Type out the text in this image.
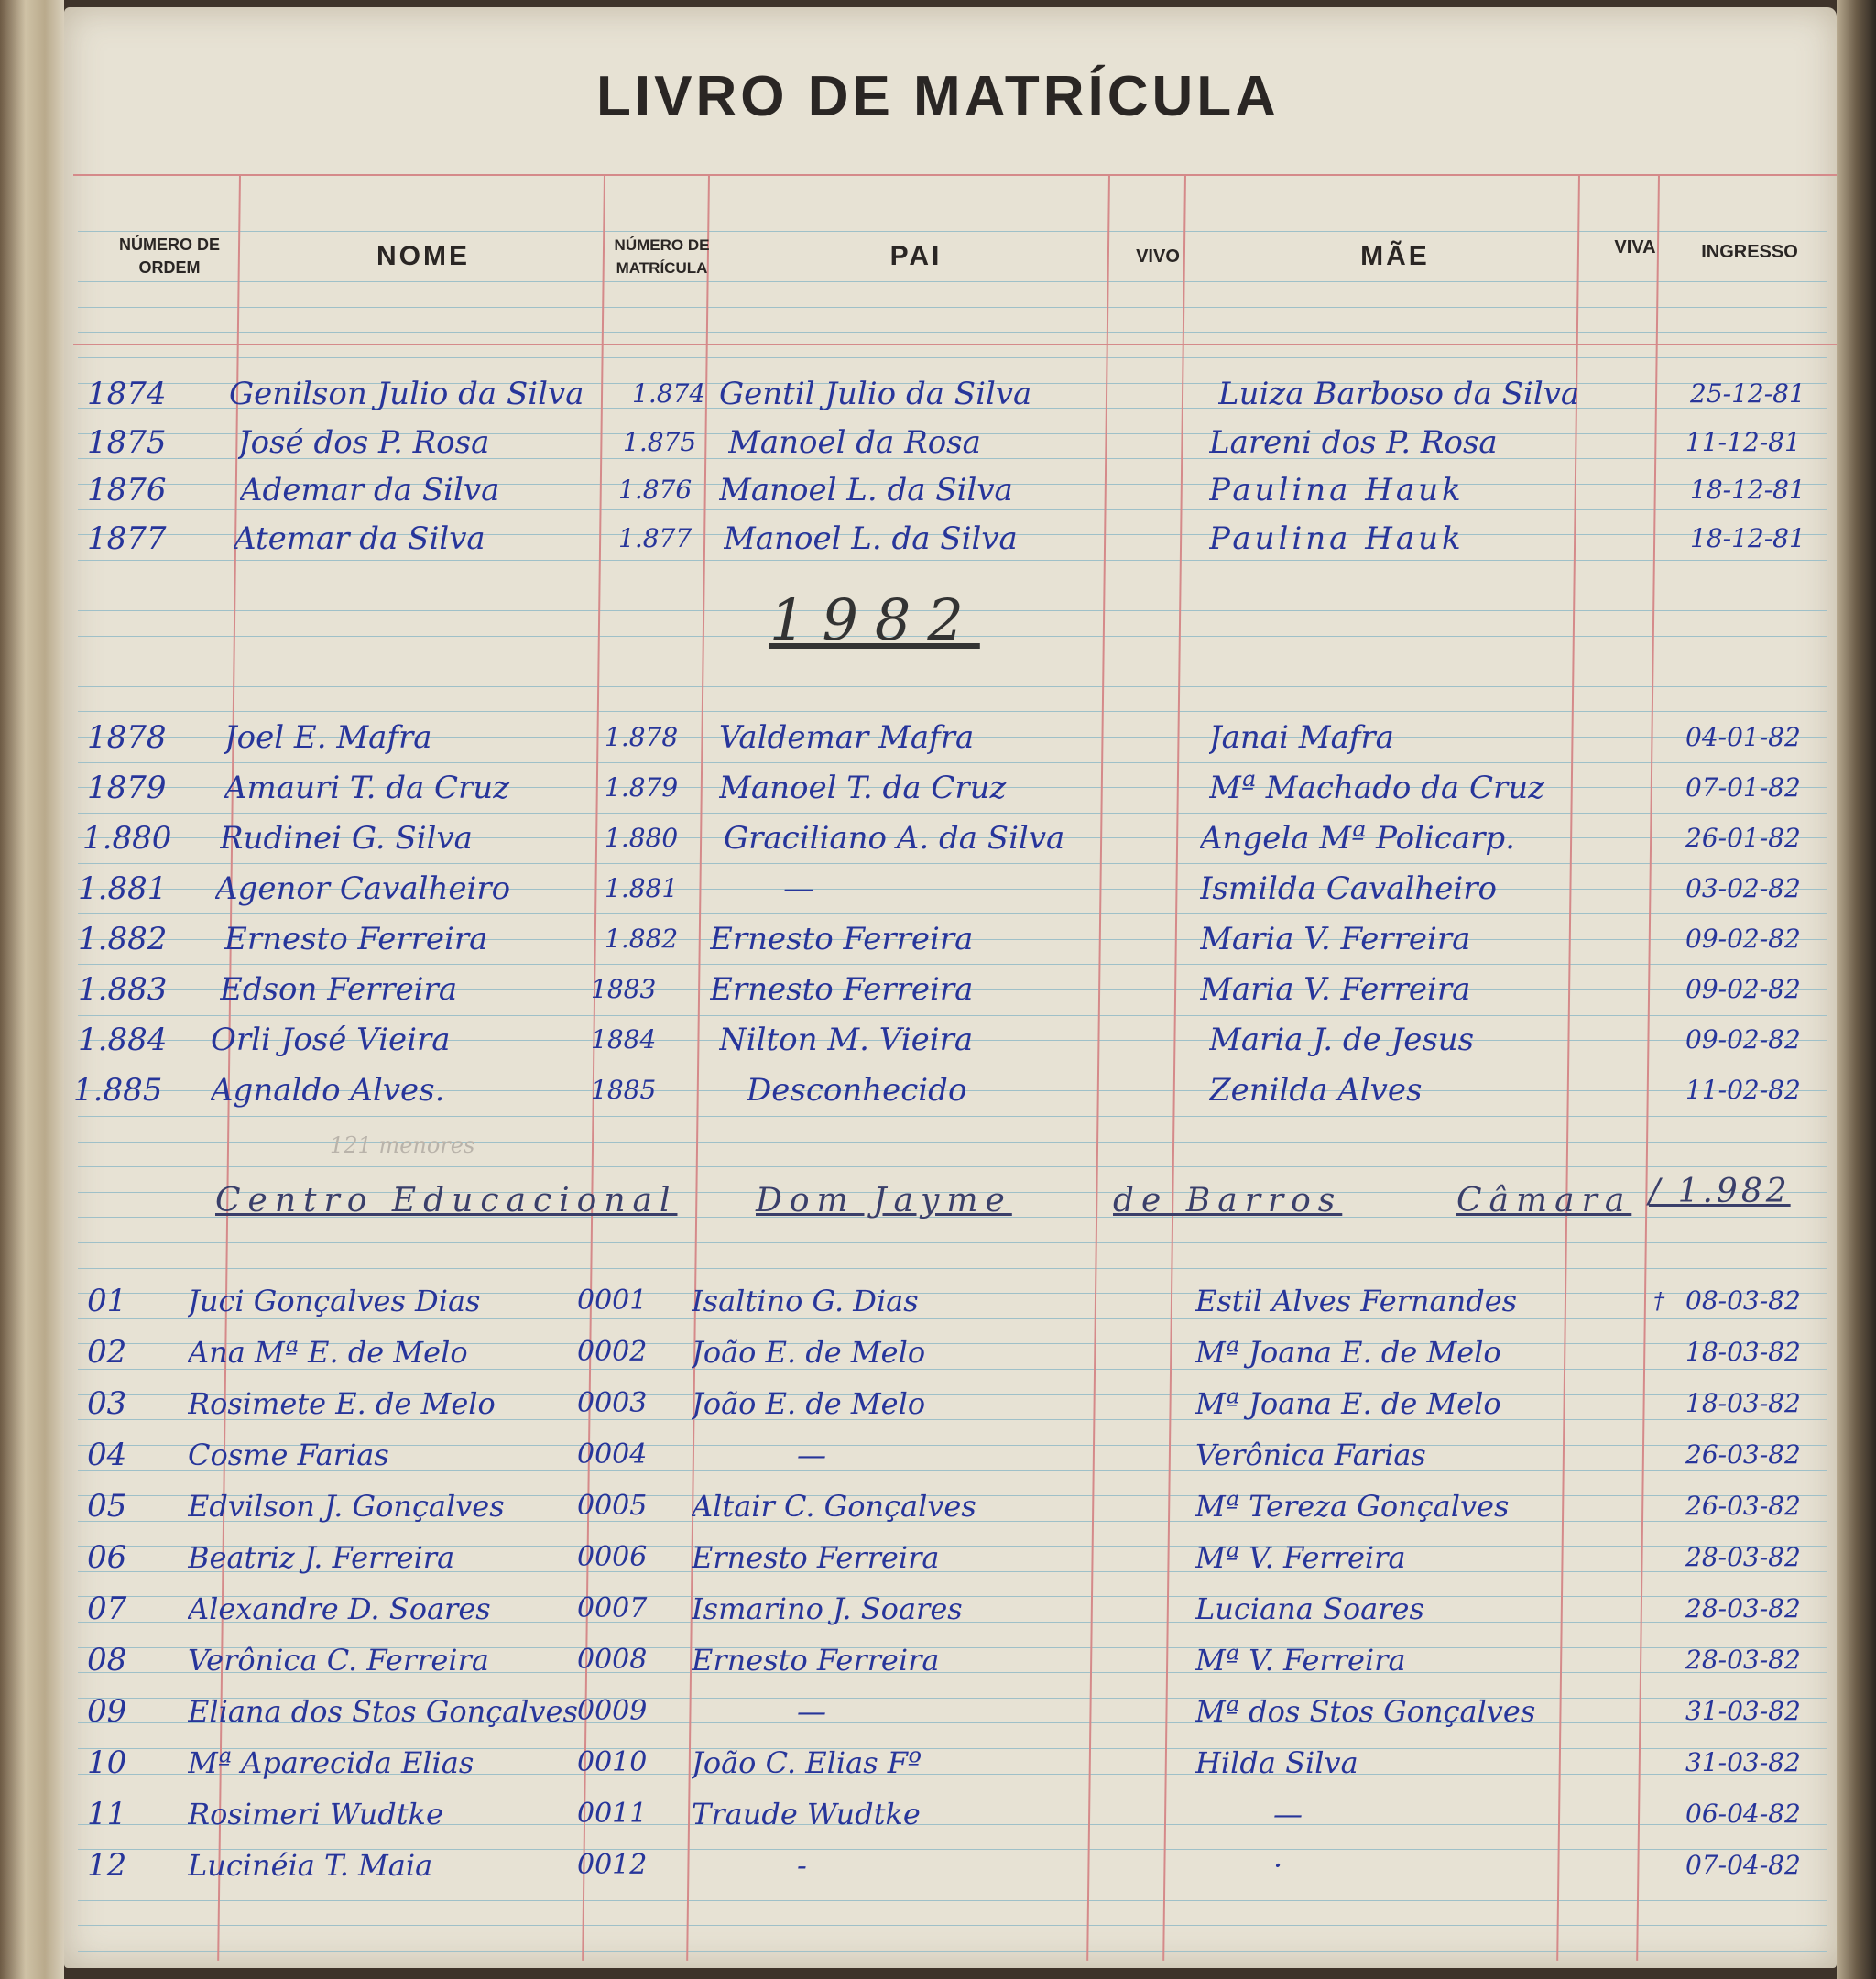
LIVRO DE MATRÍCULA
NÚMERO DE ORDEM	NOME	NÚMERO DE MATRÍCULA	PAI	VIVO	MÃE	VIVA	INGRESSO
1874	Genilson Julio da Silva	1.874 Gentil Julio da Silva	Luiza Barboso da Silva	25-12-81
1875	José dos P. Rosa	1.875	Manoel da Rosa	Lareni dos P. Rosa	11-12-81
1876	Ademar da Silva	1.876 Manoel L. da Silva	Paulina Hauk	18-12-81
1877	Atemar da Silva	1.877	Manoel L. da Silva	Paulina Hauk	18-12-81
1982
1878	Joel E. Mafra	1.878	Valdemar Mafra	Janai Mafra	04-01-82
1879	Amauri T. da Cruz	1.879	Manoel T. da Cruz	Mª Machado da Cruz	07-01-82
1.880	Rudinei G. Silva	1.880	Graciliano A. da Silva	Angela Mª Policarp.	26-01-82
1.881	Agenor Cavalheiro	1.881	—	Ismilda Cavalheiro	03-02-82
1.882	Ernesto Ferreira	1.882	Ernesto Ferreira	Maria V. Ferreira	09-02-82
1.883	Edson Ferreira	1883	Ernesto Ferreira	Maria V. Ferreira	09-02-82
1.884	Orli José Vieira	1884	Nilton M. Vieira	Maria J. de Jesus	09-02-82
1.885	Agnaldo Alves.	1885	Desconhecido	Zenilda Alves	11-02-82
121 menores
Centro Educacional Dom Jayme	de Barros	Câmara / 1.982
01	Juci Gonçalves Dias	0001	Isaltino G. Dias	Estil Alves Fernandes	† 08-03-82
02	Ana Mª E. de Melo	0002	João E. de Melo	Mª Joana E. de Melo	18-03-82
03	Rosimete E. de Melo	0003	João E. de Melo	Mª Joana E. de Melo	18-03-82
04	Cosme Farias	0004	—	Verônica Farias	26-03-82
05	Edvilson J. Gonçalves	0005	Altair C. Gonçalves	Mª Tereza Gonçalves	26-03-82
06	Beatriz J. Ferreira	0006	Ernesto Ferreira	Mª V. Ferreira	28-03-82
07	Alexandre D. Soares	0007	Ismarino J. Soares	Luciana Soares	28-03-82
08	Verônica C. Ferreira	0008	Ernesto Ferreira	Mª V. Ferreira	28-03-82
09	Eliana dos Stos Gonçalves 0009	—	Mª dos Stos Gonçalves	31-03-82
10	Mª Aparecida Elias	0010	João C. Elias Fº	Hilda Silva	31-03-82
11	Rosimeri Wudtke	0011	Traude Wudtke	—	06-04-82
12	Lucinéia T. Maia	0012	-	·	07-04-82
